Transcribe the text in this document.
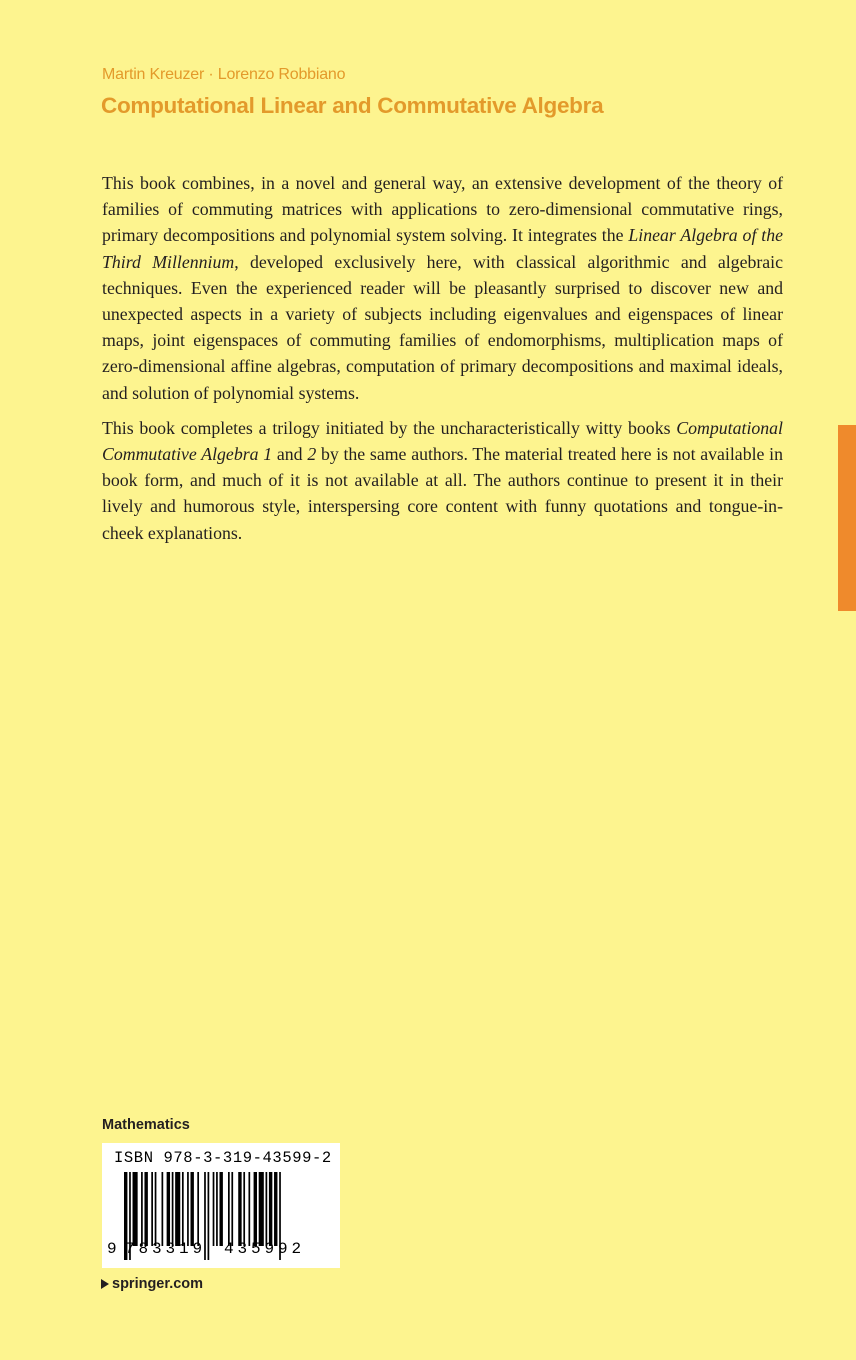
Martin Kreuzer · Lorenzo Robbiano
Computational Linear and Commutative Algebra

This book combines, in a novel and general way, an extensive development of the theory of families of commuting matrices with applications to zero-dimensional commutative rings, primary decompositions and polynomial system solving. It integrates the Linear Algebra of the Third Millennium, developed exclusively here, with classical algorithmic and algebraic techniques. Even the experienced reader will be pleasantly surprised to discover new and unexpected aspects in a variety of subjects including eigenvalues and eigenspaces of linear maps, joint eigenspaces of commuting families of endomorphisms, multiplication maps of zero-dimensional affine algebras, computation of primary decompositions and maximal ideals, and solution of polynomial systems.

This book completes a trilogy initiated by the uncharacteristically witty books Computational Commutative Algebra 1 and 2 by the same authors. The material treated here is not available in book form, and much of it is not available at all. The authors continue to present it in their lively and humorous style, interspersing core content with funny quotations and tongue-in-cheek explanations.

Mathematics
ISBN 978-3-319-43599-2
9 783319 435992
springer.com
